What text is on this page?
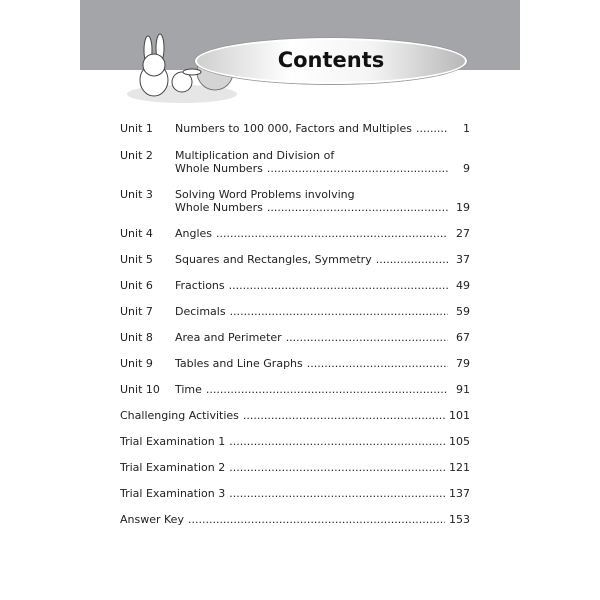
Contents
Unit 1	Numbers to 100 000, Factors and Multiples .....	1
Unit 2	Multiplication and Division of
Whole Numbers .....	9
Unit 3	Solving Word Problems involving
Whole Numbers .....	19
Unit 4	Angles .....	27
Unit 5	Squares and Rectangles, Symmetry .....	37
Unit 6	Fractions .....	49
Unit 7	Decimals .....	59
Unit 8	Area and Perimeter .....	67
Unit 9	Tables and Line Graphs .....	79
Unit 10	Time .....	91
Challenging Activities .....	101
Trial Examination 1 .....	105
Trial Examination 2 .....	121
Trial Examination 3 .....	137
Answer Key .....	153
